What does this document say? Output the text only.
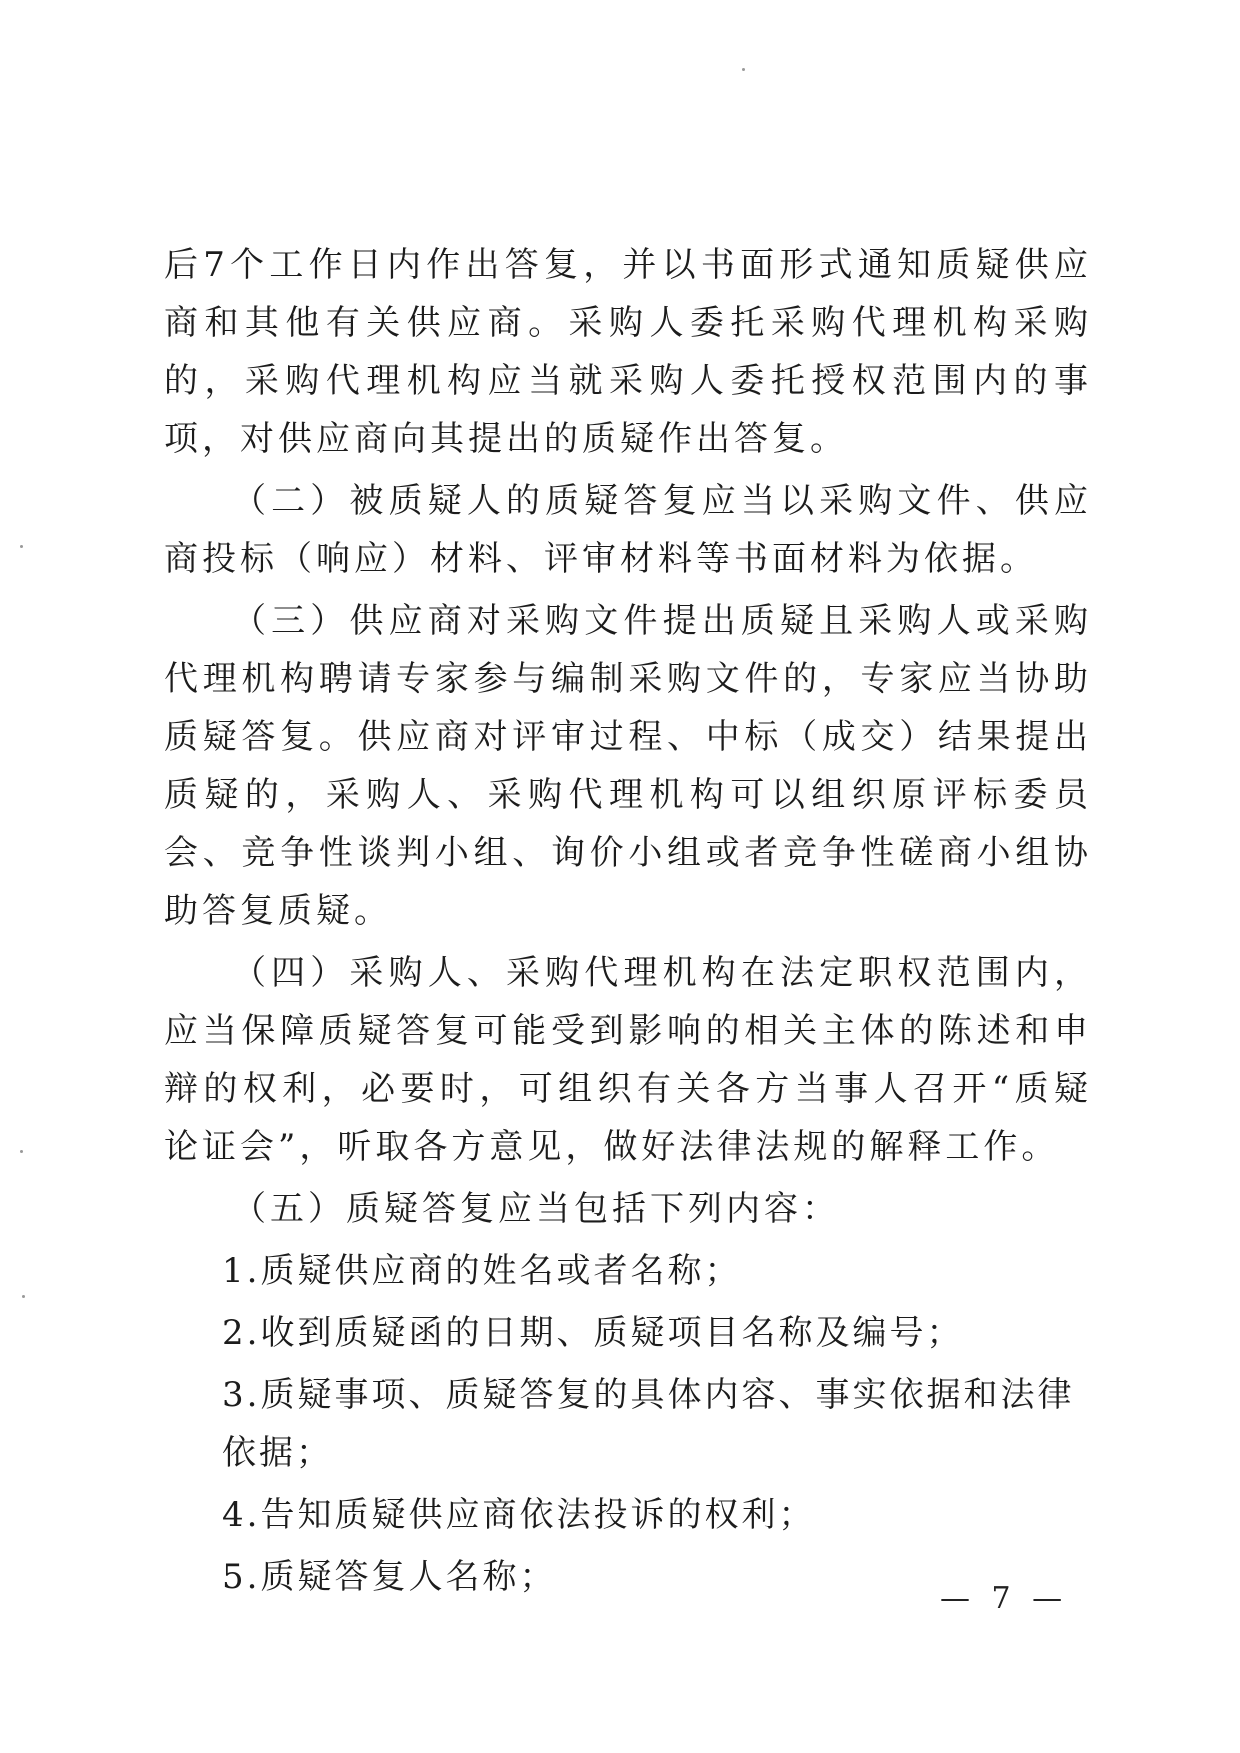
后7个工作日内作出答复，并以书面形式通知质疑供应商和其他有关供应商。采购人委托采购代理机构采购的，采购代理机构应当就采购人委托授权范围内的事项，对供应商向其提出的质疑作出答复。

（二）被质疑人的质疑答复应当以采购文件、供应商投标（响应）材料、评审材料等书面材料为依据。

（三）供应商对采购文件提出质疑且采购人或采购代理机构聘请专家参与编制采购文件的，专家应当协助质疑答复。供应商对评审过程、中标（成交）结果提出质疑的，采购人、采购代理机构可以组织原评标委员会、竞争性谈判小组、询价小组或者竞争性磋商小组协助答复质疑。

（四）采购人、采购代理机构在法定职权范围内，应当保障质疑答复可能受到影响的相关主体的陈述和申辩的权利，必要时，可组织有关各方当事人召开“质疑论证会”，听取各方意见，做好法律法规的解释工作。

（五）质疑答复应当包括下列内容：

1.质疑供应商的姓名或者名称；

2.收到质疑函的日期、质疑项目名称及编号；

3.质疑事项、质疑答复的具体内容、事实依据和法律依据；

4.告知质疑供应商依法投诉的权利；

5.质疑答复人名称；

— 7 —
